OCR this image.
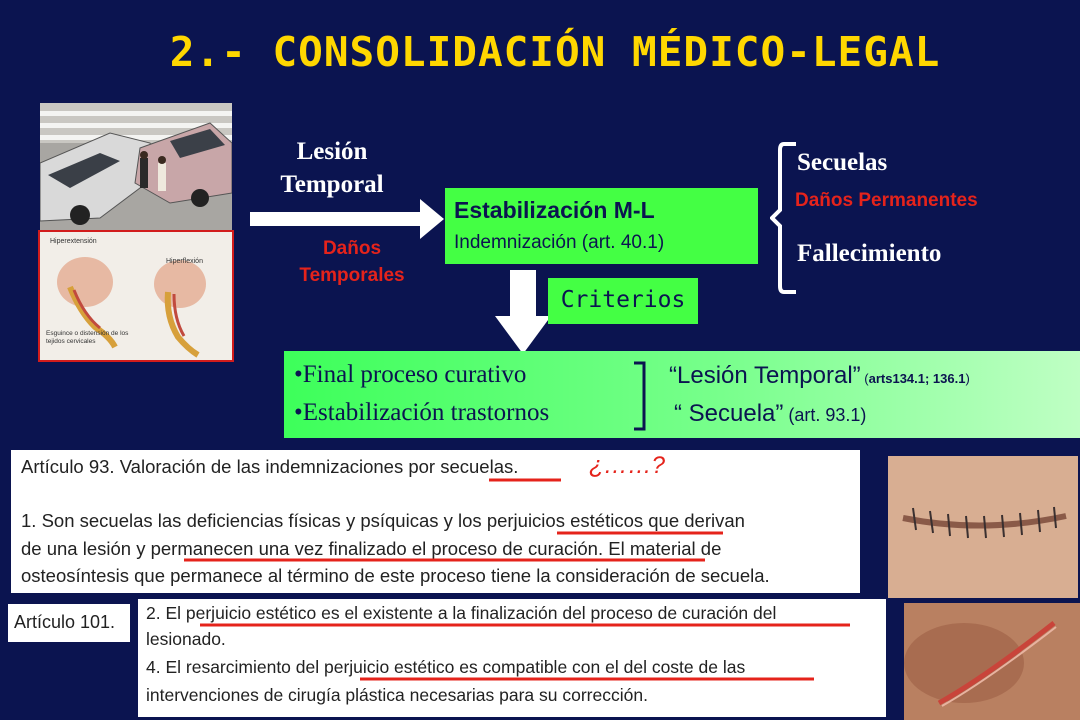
2.- CONSOLIDACIÓN MÉDICO-LEGAL
Hiperextensión
Hiperflexión
Esguince o distensión de los tejidos cervicales
Lesión
Temporal
Daños
Temporales
Estabilización M-L
Indemnización (art. 40.1)
Secuelas
Daños Permanentes
Fallecimiento
Criterios
•Final proceso curativo
•Estabilización trastornos
“Lesión Temporal” (arts134.1; 136.1)
“ Secuela” (art. 93.1)
Artículo 93. Valoración de las indemnizaciones por secuelas.	¿……?
1. Son secuelas las deficiencias físicas y psíquicas y los perjuicios estéticos que derivan
de una lesión y permanecen una vez finalizado el proceso de curación. El material de
osteosíntesis que permanece al término de este proceso tiene la consideración de secuela.
Artículo 101. 2. El perjuicio estético es el existente a la finalización del proceso de curación del
lesionado.
4. El resarcimiento del perjuicio estético es compatible con el del coste de las
intervenciones de cirugía plástica necesarias para su corrección.
